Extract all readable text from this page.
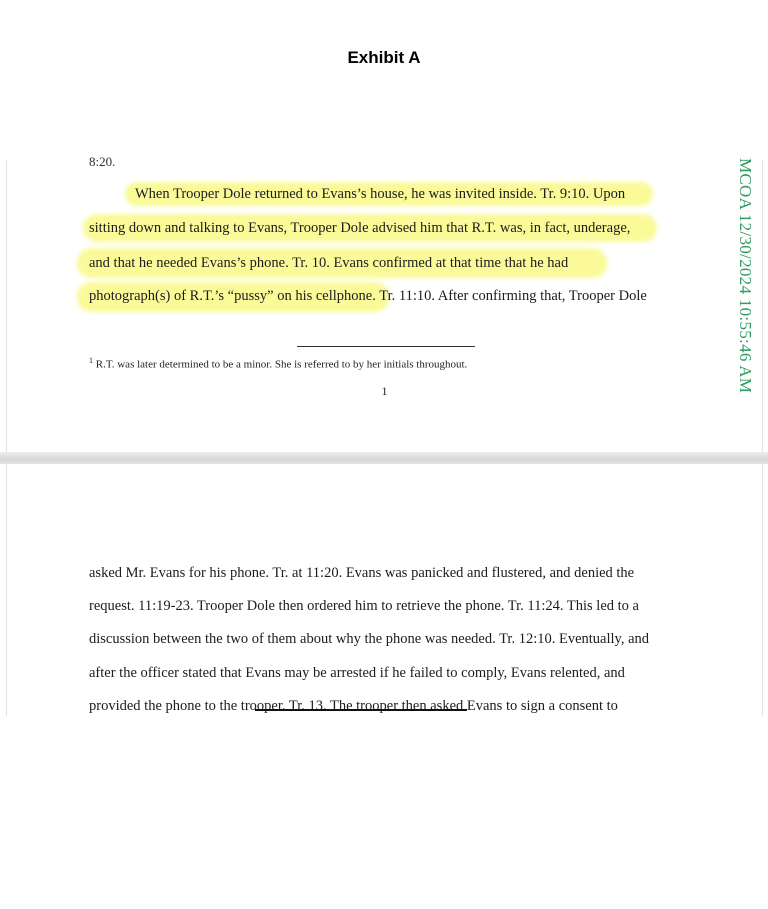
Exhibit A
8:20.
When Trooper Dole returned to Evans’s house, he was invited inside. Tr. 9:10. Upon
sitting down and talking to Evans, Trooper Dole advised him that R.T. was, in fact, underage,
and that he needed Evans’s phone. Tr. 10. Evans confirmed at that time that he had
photograph(s) of R.T.’s “pussy” on his cellphone. Tr. 11:10. After confirming that, Trooper Dole
$^1$ R.T. was later determined to be a minor. She is referred to by her initials throughout.
1	MCOA 12/30/2024 10:55:46 AM
asked Mr. Evans for his phone. Tr. at 11:20. Evans was panicked and flustered, and denied the
request. 11:19-23. Trooper Dole then ordered him to retrieve the phone. Tr. 11:24. This led to a
discussion between the two of them about why the phone was needed. Tr. 12:10. Eventually, and
after the officer stated that Evans may be arrested if he failed to comply, Evans relented, and
provided the phone to the trooper. Tr. 13. The trooper then asked Evans to sign a consent to
